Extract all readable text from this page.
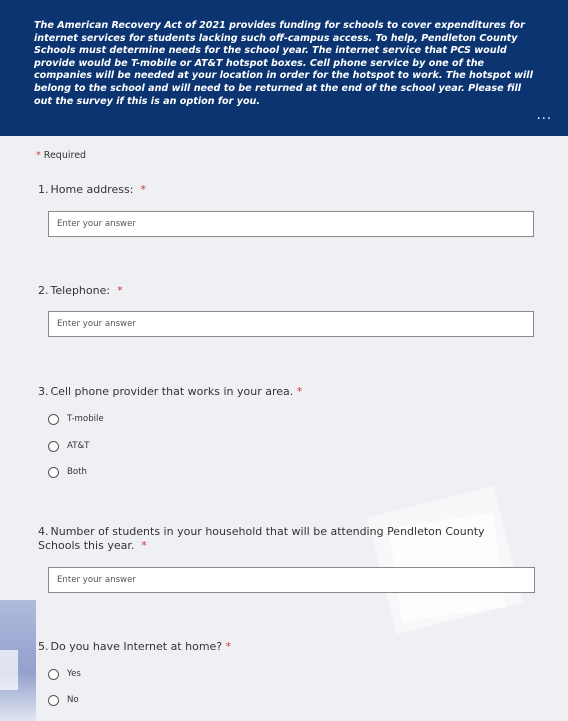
The American Recovery Act of 2021 provides funding for schools to cover expenditures for internet services for students lacking such off-campus access. To help, Pendleton County Schools must determine needs for the school year. The internet service that PCS would provide would be T-mobile or AT&T hotspot boxes. Cell phone service by one of the companies will be needed at your location in order for the hotspot to work. The hotspot will belong to the school and will need to be returned at the end of the school year. Please fill out the survey if this is an option for you.

···
* Required
1. Home address: *
Enter your answer
2. Telephone: *
Enter your answer
3. Cell phone provider that works in your area. *
T-mobile
AT&T
Both
4. Number of students in your household that will be attending Pendleton County Schools this year. *
Enter your answer
5. Do you have Internet at home? *
Yes
No
